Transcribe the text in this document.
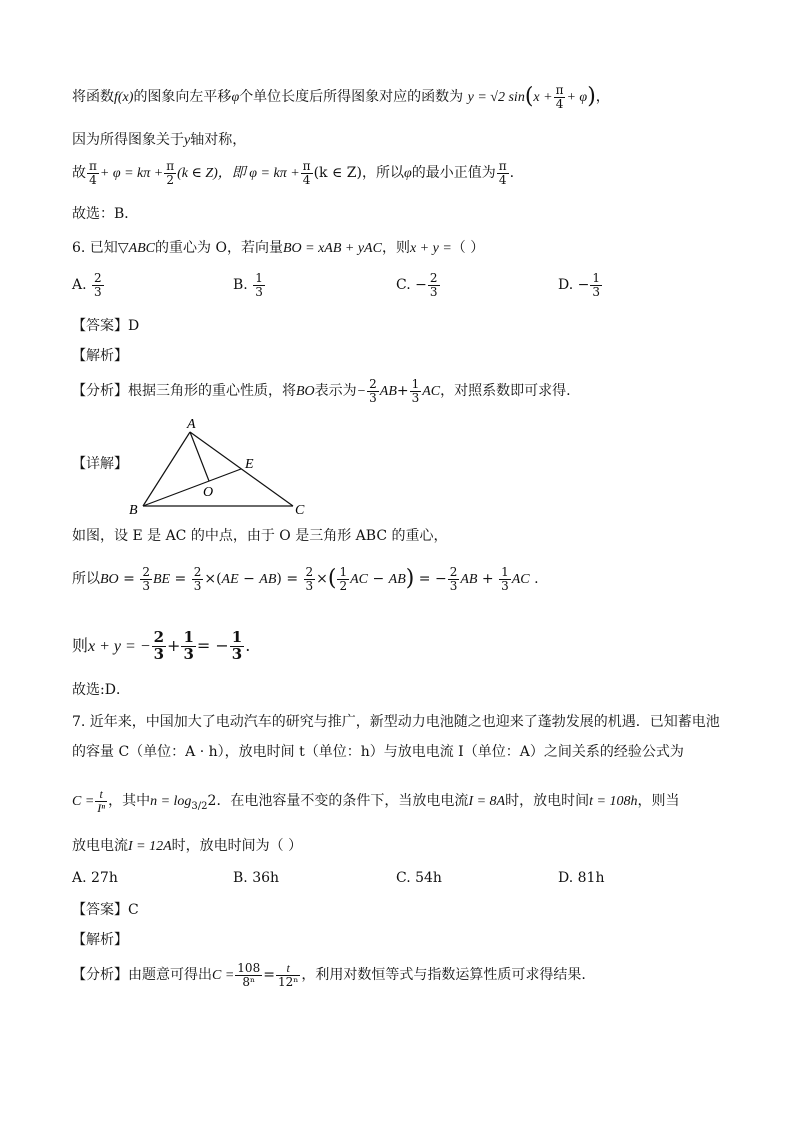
将函数f(x)的图象向左平移φ个单位长度后所得图象对应的函数为 y = √2 $\sin(x + \frac{\pi}{4} + \varphi)$，
因为所得图象关于y轴对称，
故 $\frac{\pi}{4} + \varphi = k\pi + \frac{\pi}{2} (k$ ∈ Z)，即 $\varphi = k\pi + \frac{\pi}{4} (k$ ∈ Z)，所以φ的最小正值为 $\frac{\pi}{4}$ .
故选：B．
6. 已知▽ABC的重心为 O，若向量BO = xAB + yAC，则x + y =（ ）
A. $\frac{2}{3}$	B. $\frac{1}{3}$	C. − $\frac{2}{3}$	D. − $\frac{1}{3}$
【答案】D
【解析】
【分析】根据三角形的重心性质，将BO表示为− $\frac{2}{3} AB+ \frac{1}{3}$ AC，对照系数即可求得.
【详解】
A
B	C
E
O
如图，设 E 是 AC 的中点，由于 O 是三角形 ABC 的重心，
所以BO = $\frac{2}{3}$ BE = $\frac{2}{3} \times(AE - AB) = \frac{2}{3}$ ×( $\frac{1}{2}$ AC − AB) = − $\frac{2}{3}$ AB + $\frac{1}{3}$ AC .
则x + y = − $\frac{2}{3} + \frac{1}{3}$ = − $\frac{1}{3}$ .
故选:D．
7. 近年来，中国加大了电动汽车的研究与推广，新型动力电池随之也迎来了蓬勃发展的机遇．已知蓄电池
的容量 C（单位：A · h），放电时间 t（单位：h）与放电电流 I（单位：A）之间关系的经验公式为
$C = \frac{t}{\text{Iⁿ}}$ ，其中$n = \log_{3/2}2$．在电池容量不变的条件下，当放电电流I = 8A时，放电时间t = 108h，则当
放电电流I = 12A时，放电时间为（ ）
A. 27h	B. 36h	C. 54h	D. 81h
【答案】C
【解析】
【分析】由题意可得出$C = \frac{108}{\text{8ⁿ}} = \frac{t}{\text{12ⁿ}}$ ，利用对数恒等式与指数运算性质可求得结果.
